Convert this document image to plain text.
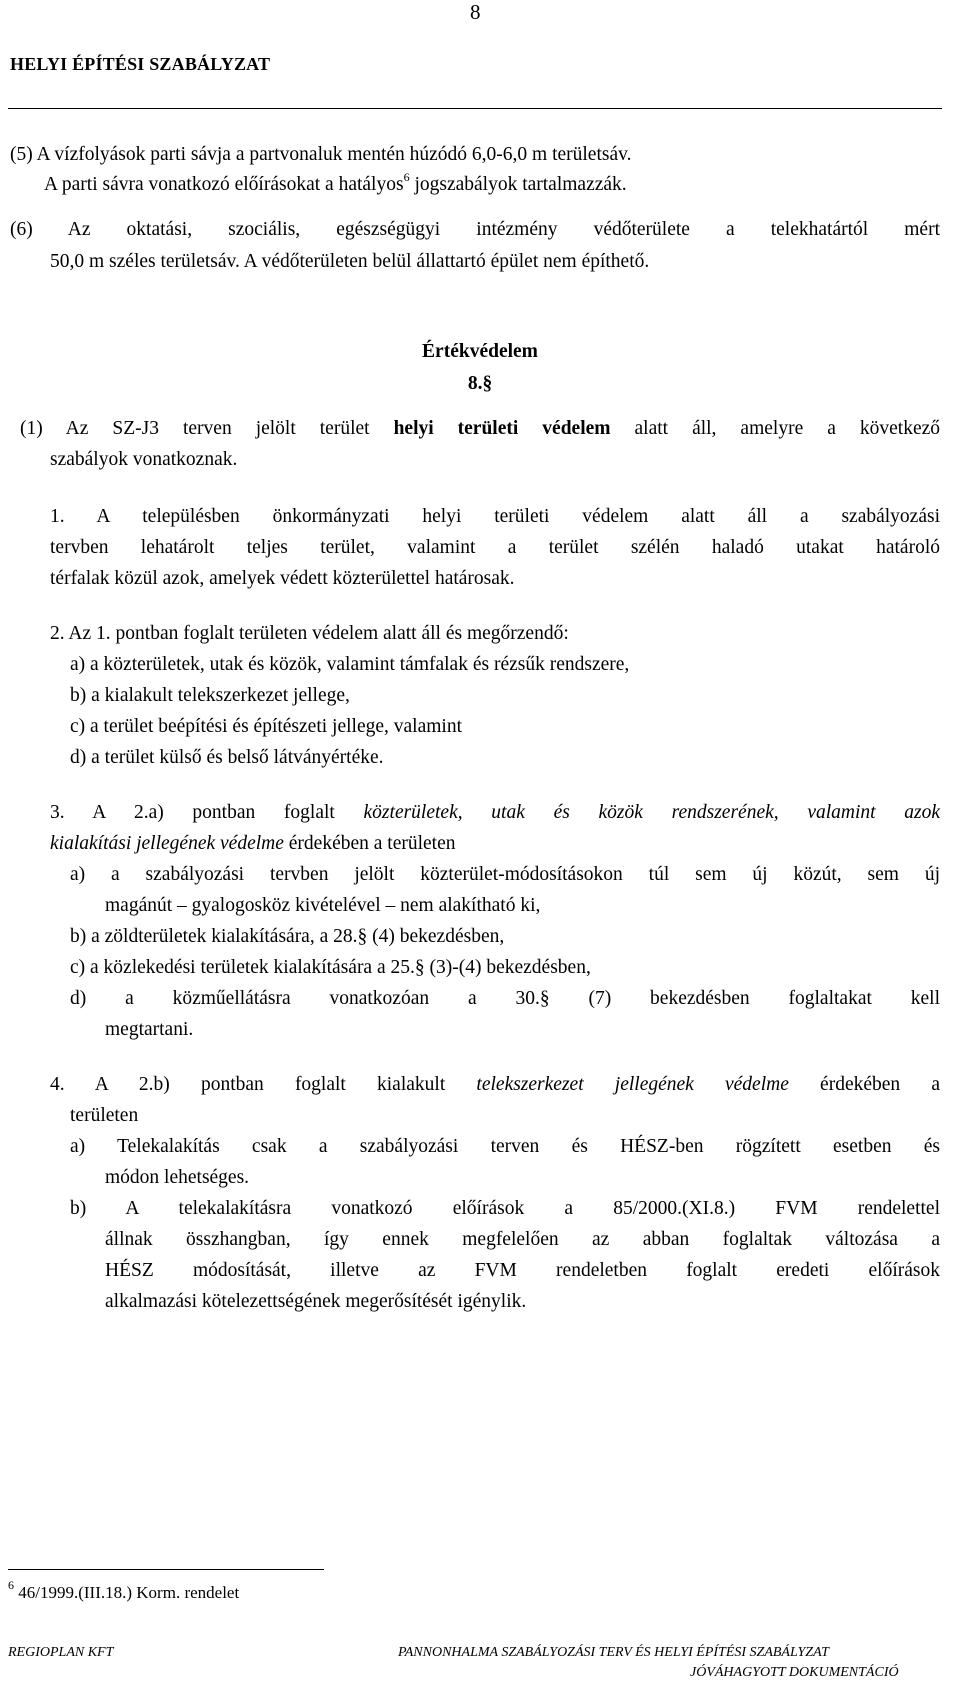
8
HELYI ÉPÍTÉSI SZABÁLYZAT
(5) A vízfolyások parti sávja a partvonaluk mentén húzódó 6,0-6,0 m területsáv.
A parti sávra vonatkozó előírásokat a hatályos$^6$ jogszabályok tartalmazzák.
(6) Az oktatási, szociális, egészségügyi intézmény védőterülete a telekhatártól mért
50,0 m széles területsáv. A védőterületen belül állattartó épület nem építhető.
Értékvédelem
8.§
(1) Az SZ-J3 terven jelölt terület helyi területi védelem alatt áll, amelyre a következő
szabályok vonatkoznak.
1. A településben önkormányzati helyi területi védelem alatt áll a szabályozási
tervben lehatárolt teljes terület, valamint a terület szélén haladó utakat határoló
térfalak közül azok, amelyek védett közterülettel határosak.
2. Az 1. pontban foglalt területen védelem alatt áll és megőrzendő:
a) a közterületek, utak és közök, valamint támfalak és rézsűk rendszere,
b) a kialakult telekszerkezet jellege,
c) a terület beépítési és építészeti jellege, valamint
d) a terület külső és belső látványértéke.
3. A 2.a) pontban foglalt közterületek, utak és közök rendszerének, valamint azok
kialakítási jellegének védelme érdekében a területen
a) a szabályozási tervben jelölt közterület-módosításokon túl sem új közút, sem új
magánút – gyalogosköz kivételével – nem alakítható ki,
b) a zöldterületek kialakítására, a 28.§ (4) bekezdésben,
c) a közlekedési területek kialakítására a 25.§ (3)-(4) bekezdésben,
d) a közműellátásra vonatkozóan a 30.§ (7) bekezdésben foglaltakat kell
megtartani.
4. A 2.b) pontban foglalt kialakult telekszerkezet jellegének védelme érdekében a
területen
a) Telekalakítás csak a szabályozási terven és HÉSZ-ben rögzített esetben és
módon lehetséges.
b) A telekalakításra vonatkozó előírások a 85/2000.(XI.8.) FVM rendelettel
állnak összhangban, így ennek megfelelően az abban foglaltak változása a
HÉSZ módosítását, illetve az FVM rendeletben foglalt eredeti előírások
alkalmazási kötelezettségének megerősítését igénylik.
$^6$ 46/1999.(III.18.) Korm. rendelet
REGIOPLAN KFT	PANNONHALMA SZABÁLYOZÁSI TERV ÉS HELYI ÉPÍTÉSI SZABÁLYZAT
JÓVÁHAGYOTT DOKUMENTÁCIÓ
